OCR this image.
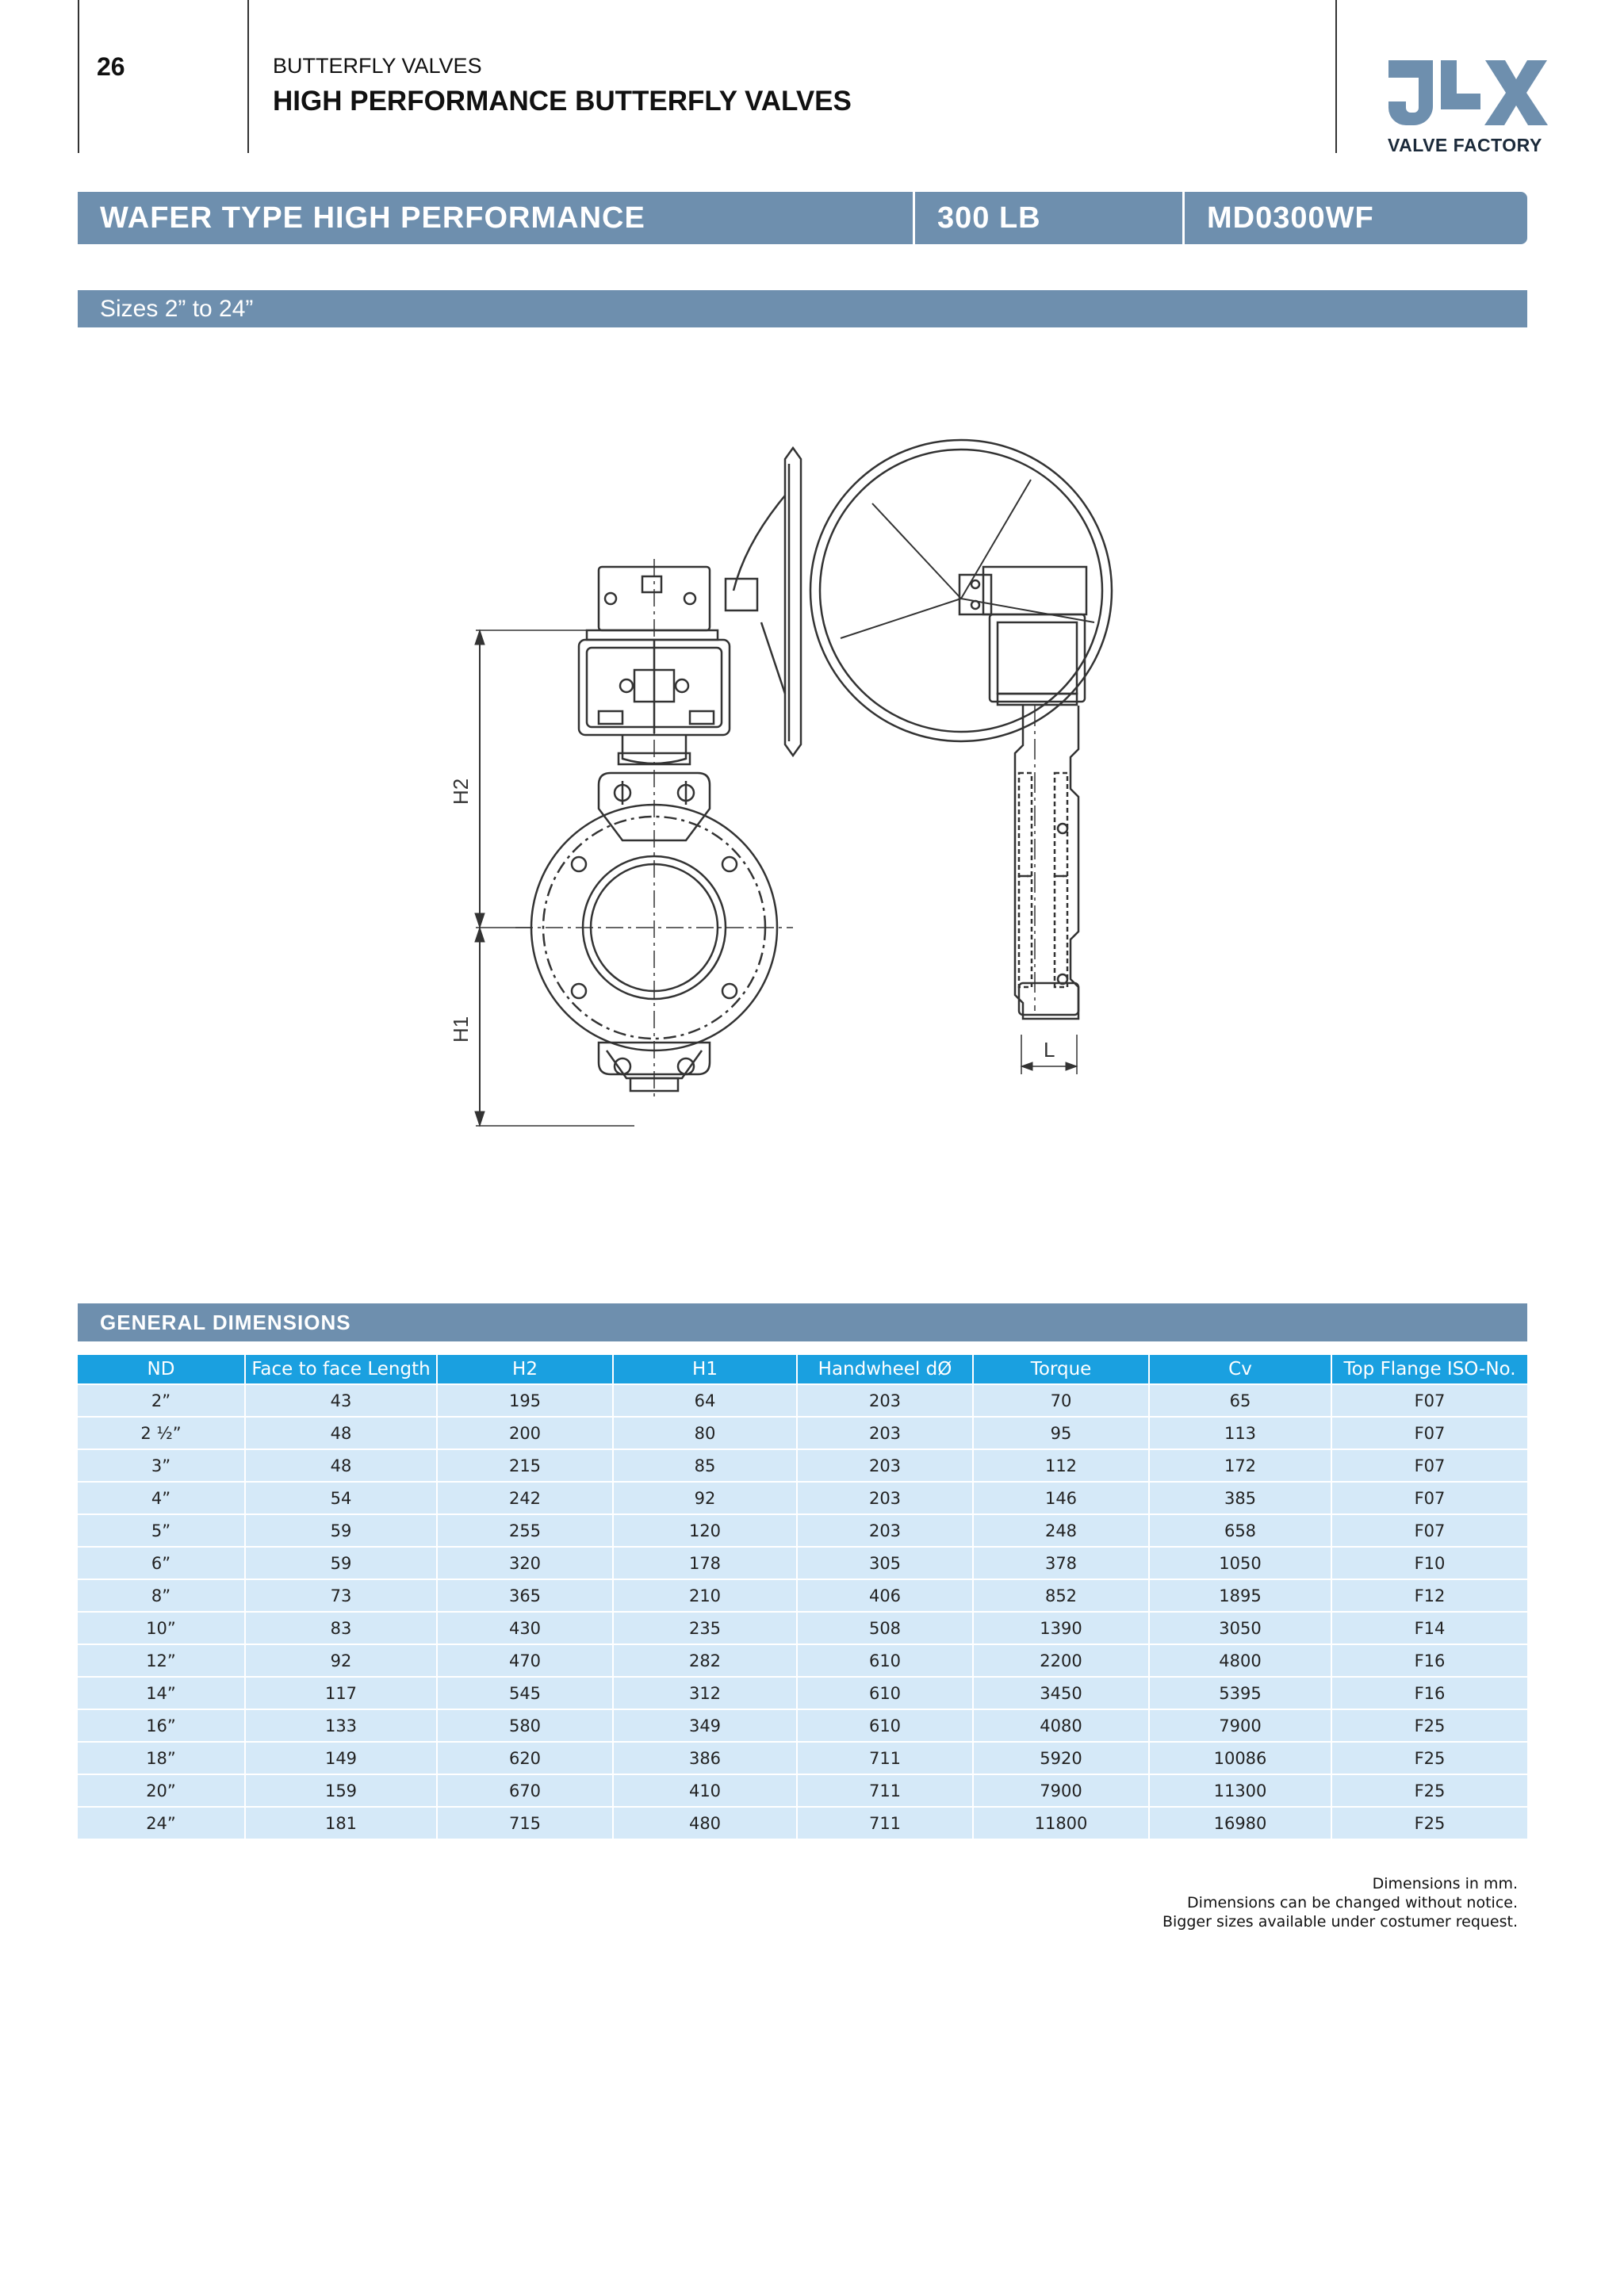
26	BUTTERFLY VALVES
HIGH PERFORMANCE BUTTERFLY VALVES
VALVE FACTORY
WAFER TYPE HIGH PERFORMANCE	300 LB	MD0300WF
Sizes 2” to 24”
H2
H1
L
GENERAL DIMENSIONS
ND	Face to face Length	H2	H1	Handwheel dØ	Torque	Cv	Top Flange ISO-No.
2”	43	195	64	203	70	65	F07
2 ½”	48	200	80	203	95	113	F07
3”	48	215	85	203	112	172	F07
4”	54	242	92	203	146	385	F07
5”	59	255	120	203	248	658	F07
6”	59	320	178	305	378	1050	F10
8”	73	365	210	406	852	1895	F12
10”	83	430	235	508	1390	3050	F14
12”	92	470	282	610	2200	4800	F16
14”	117	545	312	610	3450	5395	F16
16”	133	580	349	610	4080	7900	F25
18”	149	620	386	711	5920	10086	F25
20”	159	670	410	711	7900	11300	F25
24”	181	715	480	711	11800	16980	F25
Dimensions in mm.
Dimensions can be changed without notice.
Bigger sizes available under costumer request.
